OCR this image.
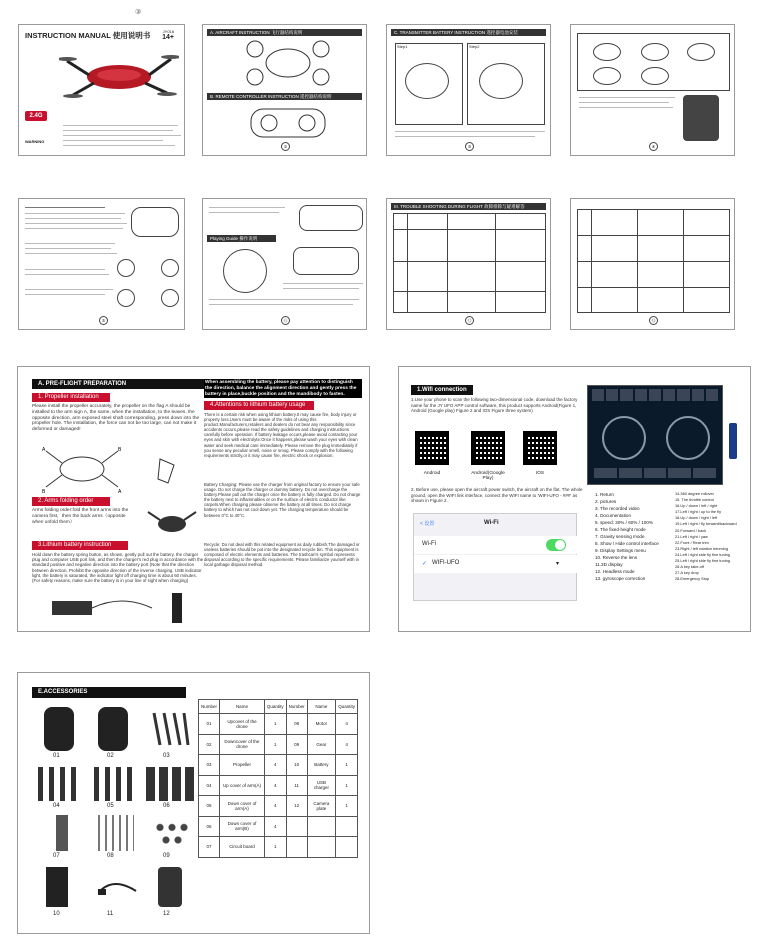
③
INSTRUCTION MANUAL 使用说明书	JY018
14+
2.4G
WARNING
A. AIRCRAFT INSTRUCTION 飞行器结构说明
B. REMOTE CONTROLLER INSTRUCTION 遥控器结构说明
②
C. TRANSMITTER BATTERY INSTRUCTION 遥控器电池安装
Step1	Step2
③	④
⑤
Playing Guide 操作说明
⑪
III. TROUBLE SHOOTING DURING FLIGHT 故障排除与疑难解答
⑫	⑬
A. PRE-FLIGHT PREPARATION
1. Propeller installation
Please install the propeller accurately, the propeller on the flag A should be installed to the arm sign A, the same, when the installation, to the leaves, the opposite direction, arm exposed steel shaft corresponding, press down into the propeller hole. The installation, the force can not be too large, can not make it deformed or damaged!
A	B
B	A
2. Arms folding order
Arms folding order:fold the front arms into the camera first，then the back arms（opposite when unfold them）
3.Lithium battery instruction
Hold down the battery spring button, as shown, gently pull out the battery, the charger plug and computer USB port link, and then the charger's red plug in accordance with the standard positive and negative direction into the battery port (Note that the direction between direction, Prohibit the opposite direction of the inverse charging. USB indicator light, the battery is saturated, the indicator light off charging time is about 60 minutes. (For safety reasons, make sure the battery is in your line of sight when charging)
When assembling the battery, please pay attention to distinguish the direction, balance the alignment direction and gently press the battery in place,buckle position and the mandibody to fasten.
4.Attentions to lithium battery usage
There is a certain risk when using lithium battery.It may cause fire, body injury or property loss.Users must be aware of the risks of using this product.Manufacturers,retailers and dealers do not bear any responsibility since accidents occurs,please read the safety guidelines and charging instructions carefully before operation. If battery leakage occurs,please avoid contacting your eyes and skin with electrolyte.Once it happens,please wash your eyes with clean water and seek medical care immediately. Please remove the plug immediately if you sense any peculiar smell, noise or smog. Please comply with the following requirements strictly,or it may cause fire, electric shock or explosion.
Battery Charging: Please use the charger from original factory to ensure your safe usage. Do not charge the charger or dummy battery. Do not overcharge the battery.Please pull out the charger once the battery is fully charged. Do not charge the battery next to inflammables or on the surface of electric conductor like carpets.When charging please observe the battery at all times. Do not charge battery to which has not cool down yet. The charging temperature should be between 0°C to 40°C.
Recycle: Do not deal with this related equipment as daily rubbish.The damaged or useless batteries should be put into the designated recycle bin. This equipment is composed of electric elements and batteries. The trashcan's symbol represents disposal according to the specific requirements. Please familiarize yourself with in local garbage disposal method.
1.Wifi connection
1.Use your phone to scan the following two-dimensional code, download the factory name for the JY UFO APP control software, this product supports Android(Figure 1, Android (Google play) Figure 2 and IOS Figure three system)
Android	Android(Google Play)
IOS
2. Before use, please open the aircraft power switch, the aircraft on the flat. The whole ground, open the WIFI link interface, connect the WIFI name to 'WIFI-UFO - ###' as shown in Figure 2.
< 设置	Wi-Fi
Wi-Fi
✓ WIFI-UFO	▾
1. Return
2. pictures
3. The recorded video
4. Documentation
5. speed: 30% / 60% / 100%
6. The fixed-height mode
7. Gravity sensing mode
8. Show / Hide control interface
9. Display Settings menu
10. Reverse the lens
11.3D display
12. Headless mode
13. gyroscope correction
14.360 degree rollover
15. The throttle control
16.Up / down / left / right
17.Left / right / up to the fly
18.Up / down / right / left
19.Left / right / fly forward/backward
20.Forward / back
21.Left / right / yaw
22.Front / Rear trim
23.Right / left rotation trimming
24.Left / right side fly fine tuning
25.Left / right side fly fine tuning
26.A key take-off
27.A key drop
28.Emergency Stop
E.ACCESSORIES
01	02	03
04	05	06
07	08	09
10	11	12
Number	Name	Quantity	Number	Name	Quantity
01	Upcover of the drone	1	08	Motor	4
02	Downcover of the drone	1	09	Gear	4
03	Propeller	4	10	Battery	1
04	Up cover of arm(A)	4	11	USB charger	1
05	Down cover of arm(A)	4	12	Camera plate	1
06	Down cover of arm(B)	4			
07	Circuit board	1			
